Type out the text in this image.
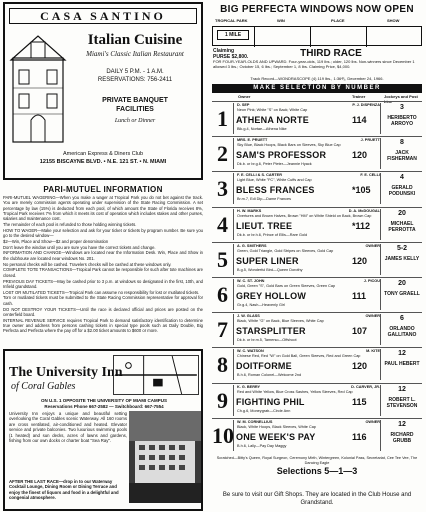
CASA SANTINO
Italian Cuisine
Miami's Classic Italian Restaurant
DAILY 5 P.M. - 1 A.M.
RESERVATIONS: 756-2411
PRIVATE BANQUET
FACILITIES
Lunch or Dinner
American Express & Diners Club
12155 BISCAYNE BLVD. • N.E. 121 ST. • N. MIAMI
PARI-MUTUEL INFORMATION

PARI-MUTUEL WAGERING—When you make a wager at Tropical Park you do not bet against the track. You are merely commission agents operating under supervision of the State Racing Commission. A set percentage by law (15%) is deducted from each pool, of which amount the State of Florida receives 8%, Tropical Park receives 7% from which it meets its cost of operation which includes stakes and other purses, salaries and maintenance cost.

The remainder of each pool is refunded to those holding winning tickets.

HOW TO WAGER—Make your selection and ask for your ticket or tickets by program number. Be sure you go to the desired window—

$2—Win, Place and Show—$2 and proper denomination

Don't leave the window until you are sure you have the correct tickets and change.

INFORMATION AND CHANGE—Windows are located near the Information Desk. Win, Place and Show in the clubhouse are located near windows No. 201.

No personal checks will be cashed. Travelers checks will be cashed at these windows only.

COMPLETE TOTE TRANSACTIONS—Tropical Park cannot be responsible for such after tote machines are closed.

PREVIOUS DAY TICKETS—May be cashed prior to 3 p.m. at windows so designated in the first, 10th, and Infield grandstand.

LOST OR MUTILATED TICKETS—Tropical Park can assume no responsibility for lost or mutilated tickets.

Torn or mutilated tickets must be submitted to the State Racing Commission representative for approval for cash.

DO NOT DESTROY YOUR TICKETS—Until the race is declared official and prices are posted on the centerfield board.

INTERNAL REVENUE SERVICE requires Tropical Park to demand satisfactory identification to determine true owner and address from persons cashing tickets in special type pools such as Daily Double, Big Perfecta and Perfecta where the pay off for a $2.00 ticket amounts to $600 or more.

The University Inn
of Coral Gables
ON U.S. 1 OPPOSITE THE UNIVERSITY OF MIAMI CAMPUS
Reservations Phone 667-2582 — Switchboard: 667-7554
University Inn enjoys a unique and beautiful setting overlooking the Coral Gables scenic Waterway. All 160 rooms are cross ventilated, air-conditioned and heated. Elevator service and private balconies. Two luxurious swimming pools (1 heated) and sun decks, acres of lawns and gardens, fishing from our own docks or charter boat "Sea Ray".
AFTER THE LAST RACE—drop in to our Waterway Cocktail Lounge, Dining Room or Dining Terrace and enjoy the finest of liquors and food in a delightful and congenial atmosphere.
BIG PERFECTA WINDOWS NOW OPEN
TROPICAL PARK	WIN	PLACE	SHOW
1 MILE
Claiming	THIRD RACE
PURSE $2,800.
FOR FOUR-YEAR-OLDS AND UPWARD. Four-year-olds, 119 lbs.; older, 120 lbs. Non-winners since December 1 allowed 3 lbs.; October 15, 6 lbs.; September 1, 8 lbs. Claiming Price, $4,000.
Track Record—WONDRASCOPE (4) 119 lbs., 1:36⅘, December 24, 1966.
MAKE SELECTION BY NUMBER
Owner	Trainer	Jockeys and Post Line
1
D. SEP	P. J. DISPENZA
Neon Pink; White "S" on Back; White Cap
ATHENA NORTE	114
Blk.g.4, Nortae—Athena Nike
3
HERIBERTO ARROYO
2
MRS. E. PRUETT	J. PRUETT
Sky Blue, Black Hoops, Black Bars on Sleeves, Sky Blue Cap
SAM'S PROFESSOR	120
Dk.b. or br.g.6, Peter Pieter—Jeannie Hyack
8
JACK FISHERMAN
3
F. E. CELLI & S. CARTER	F. E. CELLI
Light Blue, White "FC", White Cuffs and Cap
BLESS FRANCES	*105
Br.m.7, Edi Dip—Dame Frances
4
GERALD PODUNSKI
4
H. W. MARKS	D. A. McDOUGAL
Overtures and Brown Halves, Brown "HM" on White Shield on Back, Brown Cap
LIEUT. TREE	*112
Dk.b. or br.h.6, Prince of Ellis—Rare Gold
20
MICHAEL PERROTTA
5
A. G. SMITHERS	OWNER
Green, Gold Triangle, Gold Stripes on Sleeves, Gold Cap
SUPER LINER	120
B.g.5, Wonderful Bird—Queen Dorothy
5-2
JAMES KELLY
6
W. C. ST. JOHN	J. PICOU
Gold, Green "S", Gold Bars on Green Sleeves, Green Cap
GREY HOLLOW	111
Gr.g.4, Nash—Heavenly Girl
20
TONY GRAELL
7
J. W. GLASS	OWNER
Black, White "G" on Back, Blue Sleeves, White Cap
STARSPLITTER	107
Dk.b. or br.m.5, Tamerso—Offshoot
6
ORLANDO GALLITANO
8
W. C. WATSON	M. KITE
Chinese Red, Red "W" on Gold Ball, Green Sleeves, Red and Green Cap
DOITFORME	120
B.h.6, Roman Colonel—Welcome 2nd
12
PAUL HEBERT
9
K. G. BERRY	D. CARVER, JR.
Red and White Yellow, Blue Cross Sashes, Yellow Sleeves, Red Cap
FIGHTING PHIL	115
Ch.g.6, Moneygrab—Circle Ann
12
ROBERT L. STEVENSON
10
W. M. CORNELLIUS	OWNER
Black, White Hoops, Black Sleeves, White Cap
ONE WEEK'S PAY	116
B.h.6, Lally—Pay Day Maggy
12
RICHARD GRUBB
Scratched—Bitty's Queen, Royal Surgeon, Ceremony Mirth, Wintergreen, Kolonial Pass, Secretariat, Cee Tee Vee, The Dancing Eagle
Selections 5—1—3
Be sure to visit our Gift Shops. They are located in the Club House and Grandstand.
